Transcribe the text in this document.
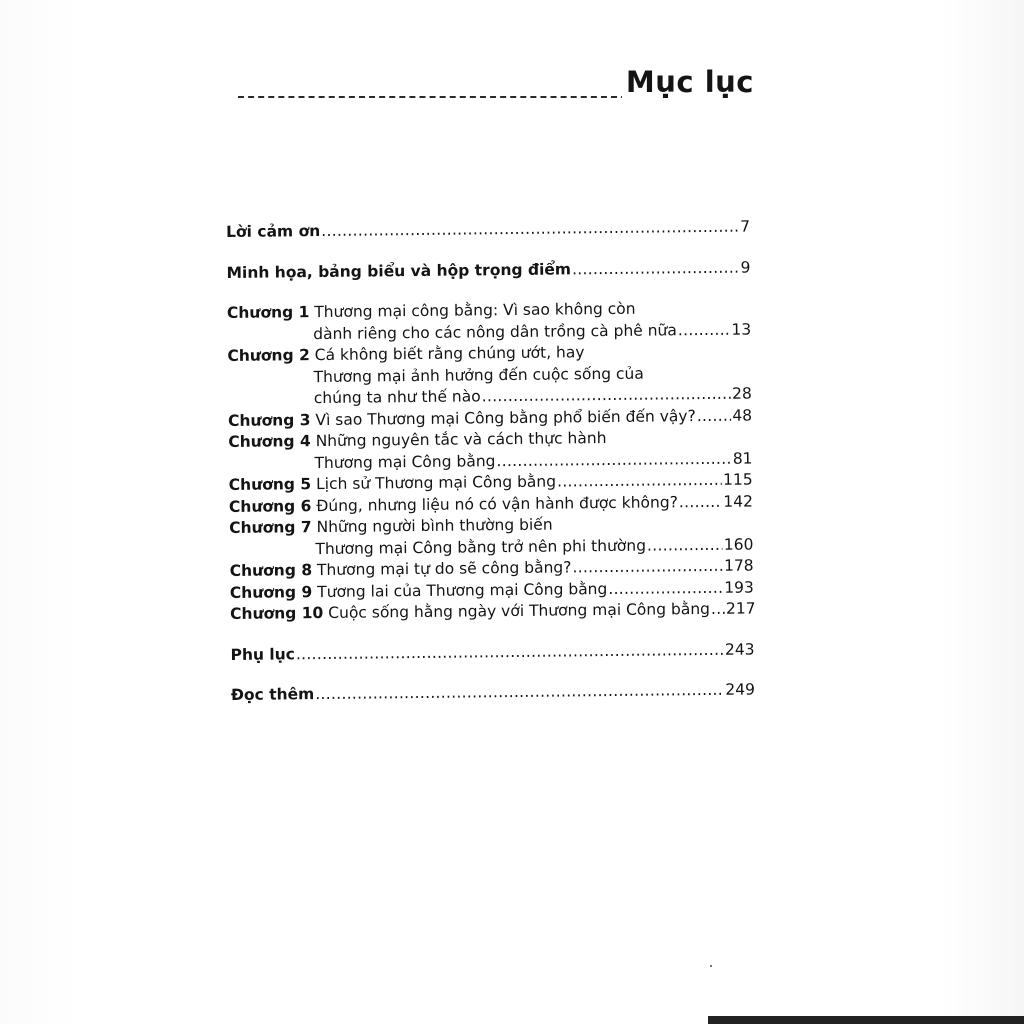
Mục lục
Lời cảm ơn .....	7
Minh họa, bảng biểu và hộp trọng điểm .....	9
Chương 1
Thương mại công bằng: Vì sao không còn
dành riêng cho các nông dân trồng cà phê nữa .....	13
Chương 2
Cá không biết rằng chúng ướt, hay
Thương mại ảnh hưởng đến cuộc sống của
chúng ta như thế nào .....	28
Chương 3
Vì sao Thương mại Công bằng phổ biến đến vậy? ..... 48
Chương 4
Những nguyên tắc và cách thực hành
Thương mại Công bằng .....	81
Chương 5
Lịch sử Thương mại Công bằng .....	115
Chương 6
Đúng, nhưng liệu nó có vận hành được không? .....	142
Chương 7
Những người bình thường biến
Thương mại Công bằng trở nên phi thường .....	160
Chương 8
Thương mại tự do sẽ công bằng? .....	178
Chương 9
Tương lai của Thương mại Công bằng .....	193
Chương 10
Cuộc sống hằng ngày với Thương mại Công bằng ..... 217
Phụ lục .....	243
Đọc thêm .....	249
